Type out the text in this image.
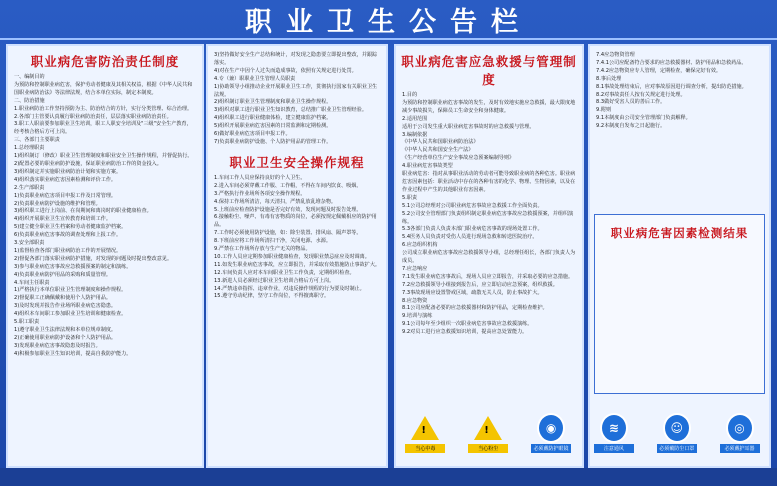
职业卫生公告栏
职业病危害防治责任制度
一、编制目的
为预防和控制职业病危害，保护劳动者健康及其相关权益，根据《中华人民共和国职业病防治法》等法律法规，结合本单位实际，制定本制度。
二、防治措施
1.职业病防治工作坚持预防为主、防治结合的方针，实行分类管理、综合治理。
2.各部门主管要认真履行职业病防治责任，层层落实职业病防治责任。
3.职工人职前要参加职业卫生培训，职工人职安全培训及"三级"安全生产教育，经考核合格后方可上岗。
三、各部门主要职责
1.总经理职责
1)组织制订（修改）职业卫生管理制度和职业安全卫生操作规程，并督促执行。
2)配置必要的职业病防护设施，保证职业病防治工作的资金投入。
3)组织制定并实施职业病防治计划和实施方案。
4)组织落实职业病危害因素检测和评价工作。
2.生产部职责
1)负责职业病危害项目申报工作及日常管理。
2)负责职业病防护设施的维护和管理。
3)组织职工进行上岗前、在岗期间和离岗时的职业健康检查。
4)组织开展职业卫生宣传教育和培训工作。
5)建立健全职业卫生档案和劳动者健康监护档案。
6)负责职业病危害事故的调查处理和上报工作。
3.安全部职责
1)监督检查各部门职业病防治工作的开展情况。
2)督促各部门落实职业病防护措施，对发现的问题及时提出整改意见。
3)参与职业病危害事故应急救援预案的制定和演练。
4)负责职业病防护用品的采购和质量管理。
4.车间主任职责
1)严格执行本单位职业卫生管理制度和操作规程。
2)督促职工正确佩戴和使用个人防护用品。
3)及时发现并报告作业场所职业病危害隐患。
4)组织本车间职工参加职业卫生培训和健康检查。
5.职工职责
1)遵守职业卫生法律法规和本单位规章制度。
2)正确使用职业病防护设备和个人防护用品。
3)发现职业病危害事故隐患及时报告。
4)积极参加职业卫生知识培训，提高自我防护能力。
3)坚持做好安全生产总结和统计，对发现之隐患要立即提出整改，并跟踪落实。
4)对在生产中因个人过失而造成事故，依照有关规定进行处罚。
4.专（兼）职职业卫生管理人员职责
1)协助领导小组推动企业开展职业卫生工作，贯彻执行国家有关职业卫生法规。
2)组织制订职业卫生管理制度和职业卫生操作规程。
3)组织对职工进行职业卫生知识教育，总结推广职业卫生管理经验。
4)组织职工进行职业健康体检，建立健康监护档案。
5)组织开展职业病危害因素的日常监测和定期检测。
6)做好职业病危害项目申报工作。
7)负责职业病防护设施、个人防护用品的管理工作。
职业卫生安全操作规程
1.车间工作人员应保持良好的个人卫生。
2.进入车间必须穿戴工作服、工作帽，不得在车间内饮食、吸烟。
3.严格执行作业场所各项安全操作规程。
4.保持工作场所清洁，每天清扫，严禁乱放乱堆杂物。
5.上班前应检查防护设施是否完好有效，发现问题及时报告处理。
6.接触粉尘、噪声、有毒有害物质的岗位，必须按规定佩戴相应的防护用品。
7.工作时必须使用防护设施，如：除尘装置、排风扇、隔声罩等。
8.下班前应将工作场所清扫干净，关闭电源、水源。
9.严禁在工作场所存放与生产无关的物品。
10.工作人员应定期参加职业健康检查，发现职业禁忌症应及时调离。
11.如发生职业病危害事故，应立即报告，并采取有效措施防止事故扩大。
12.车间负责人应对本车间职业卫生工作负责，定期组织检查。
13.新进人员必须经过职业卫生培训合格后方可上岗。
14.严禁违章指挥、违章作业，对违反操作规程的行为要及时制止。
15.遵守劳动纪律，坚守工作岗位，不得擅离职守。
职业病危害应急救援与管理制度
1.目的
为预防和控制职业病危害事故的发生，及时有效地实施应急救援，最大限度地减少事故损失，保障员工生命安全和身体健康。
2.适用范围
适用于公司发生重大职业病危害事故时的应急救援与管理。
3.编制依据
《中华人民共和国职业病防治法》
《中华人民共和国安全生产法》
《生产经营单位生产安全事故应急预案编制导则》
4.职业病危害事故类型
职业病危害：指对从事职业活动的劳动者可能导致职业病的各种危害。职业病危害因素包括：职业活动中存在的各种有害的化学、物理、生物因素，以及在作业过程中产生的其他职业有害因素。
5.职责
5.1公司总经理对公司职业病危害事故应急救援工作全面负责。
5.2公司安全管理部门负责组织制定职业病危害事故应急救援预案，并组织演练。
5.3各部门负责人负责本部门职业病危害事故的现场处置工作。
5.4医务人员负责对受伤人员进行现场急救和转送医院治疗。
6.应急组织机构
公司成立职业病危害事故应急救援领导小组，总经理任组长，各部门负责人为成员。
7.应急响应
7.1发生职业病危害事故后，现场人员应立即报告，并采取必要的应急措施。
7.2应急救援领导小组接到报告后，应立即启动应急预案，组织救援。
7.3事故现场应设置警戒区域，疏散无关人员，防止事故扩大。
8.应急物资
8.1公司应配备必要的应急救援器材和防护用品，定期检查维护。
9.培训与演练
9.1公司每年至少组织一次职业病危害事故应急救援演练。
9.2对员工进行应急救援知识培训，提高应急处置能力。
7.4应急物资管理
7.4.1公司应配备符合要求的应急救援器材、防护用品和急救药品。
7.4.2应急物资应专人管理，定期检查，确保完好有效。
8.事后处理
8.1事故处理结束后，应对事故原因进行调查分析，提出防范措施。
8.2对事故责任人按有关规定进行处理。
8.3做好受害人员的善后工作。
9.附则
9.1本制度由公司安全管理部门负责解释。
9.2本制度自发布之日起施行。
职业病危害因素检测结果
!
当心中毒
!
当心粉尘
◉
必须戴防护眼镜
≋
注意通风
☺
必须戴防尘口罩
◎
必须戴护耳器
